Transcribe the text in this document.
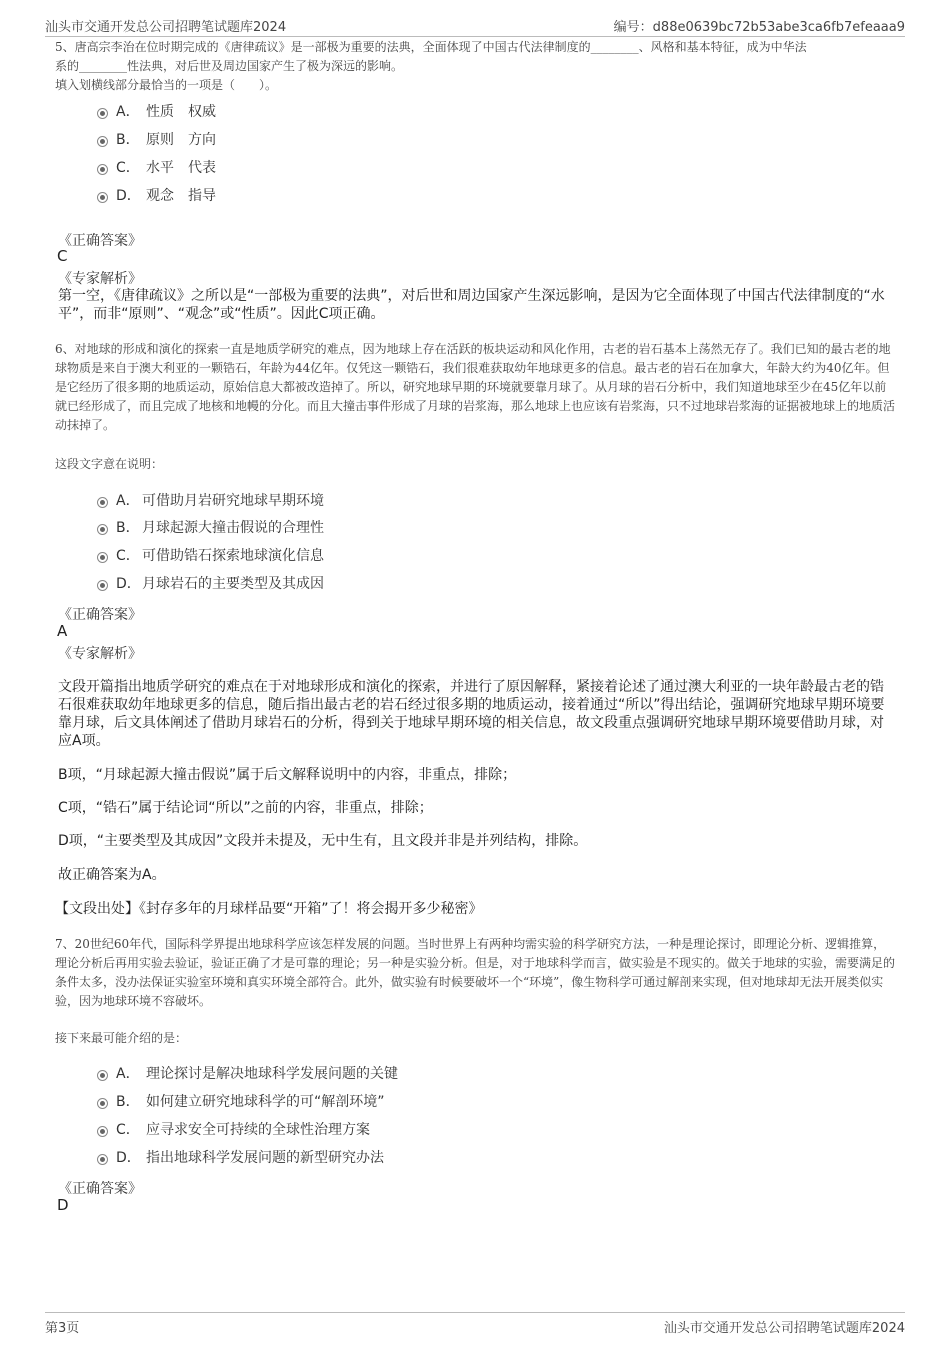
汕头市交通开发总公司招聘笔试题库2024	编号：d88e0639bc72b53abe3ca6fb7efeaaa9
5、唐高宗李治在位时期完成的《唐律疏议》是一部极为重要的法典，全面体现了中国古代法律制度的________、风格和基本特征，成为中华法
系的________性法典，对后世及周边国家产生了极为深远的影响。
填入划横线部分最恰当的一项是（　　）。
A． 性质　权威
B． 原则　方向
C． 水平　代表
D． 观念　指导
《正确答案》
C
《专家解析》
第一空，《唐律疏议》之所以是“一部极为重要的法典”，对后世和周边国家产生深远影响，是因为它全面体现了中国古代法律制度的“水平”，而非“原则”、“观念”或“性质”。因此C项正确。
6、对地球的形成和演化的探索一直是地质学研究的难点，因为地球上存在活跃的板块运动和风化作用，古老的岩石基本上荡然无存了。我们已知的最古老的地球物质是来自于澳大利亚的一颗锆石，年龄为44亿年。仅凭这一颗锆石，我们很难获取幼年地球更多的信息。最古老的岩石在加拿大，年龄大约为40亿年。但是它经历了很多期的地质运动，原始信息大都被改造掉了。所以，研究地球早期的环境就要靠月球了。从月球的岩石分析中，我们知道地球至少在45亿年以前就已经形成了，而且完成了地核和地幔的分化。而且大撞击事件形成了月球的岩浆海，那么地球上也应该有岩浆海，只不过地球岩浆海的证据被地球上的地质活动抹掉了。
这段文字意在说明：
A． 可借助月岩研究地球早期环境
B． 月球起源大撞击假说的合理性
C． 可借助锆石探索地球演化信息
D． 月球岩石的主要类型及其成因
《正确答案》
A
《专家解析》
文段开篇指出地质学研究的难点在于对地球形成和演化的探索，并进行了原因解释，紧接着论述了通过澳大利亚的一块年龄最古老的锆石很难获取幼年地球更多的信息，随后指出最古老的岩石经过很多期的地质运动，接着通过“所以”得出结论，强调研究地球早期环境要靠月球，后文具体阐述了借助月球岩石的分析，得到关于地球早期环境的相关信息，故文段重点强调研究地球早期环境要借助月球，对应A项。
B项，“月球起源大撞击假说”属于后文解释说明中的内容，非重点，排除；
C项，“锆石”属于结论词“所以”之前的内容，非重点，排除；
D项，“主要类型及其成因”文段并未提及，无中生有，且文段并非是并列结构，排除。
故正确答案为A。
【文段出处】《封存多年的月球样品要“开箱”了！将会揭开多少秘密》
7、20世纪60年代，国际科学界提出地球科学应该怎样发展的问题。当时世界上有两种均需实验的科学研究方法，一种是理论探讨，即理论分析、逻辑推算，理论分析后再用实验去验证，验证正确了才是可靠的理论；另一种是实验分析。但是，对于地球科学而言，做实验是不现实的。做关于地球的实验，需要满足的条件太多，没办法保证实验室环境和真实环境全部符合。此外，做实验有时候要破坏一个“环境”，像生物科学可通过解剖来实现，但对地球却无法开展类似实验，因为地球环境不容破坏。
接下来最可能介绍的是：
A． 理论探讨是解决地球科学发展问题的关键
B． 如何建立研究地球科学的可“解剖环境”
C． 应寻求安全可持续的全球性治理方案
D． 指出地球科学发展问题的新型研究办法
《正确答案》
D
第3页	汕头市交通开发总公司招聘笔试题库2024
